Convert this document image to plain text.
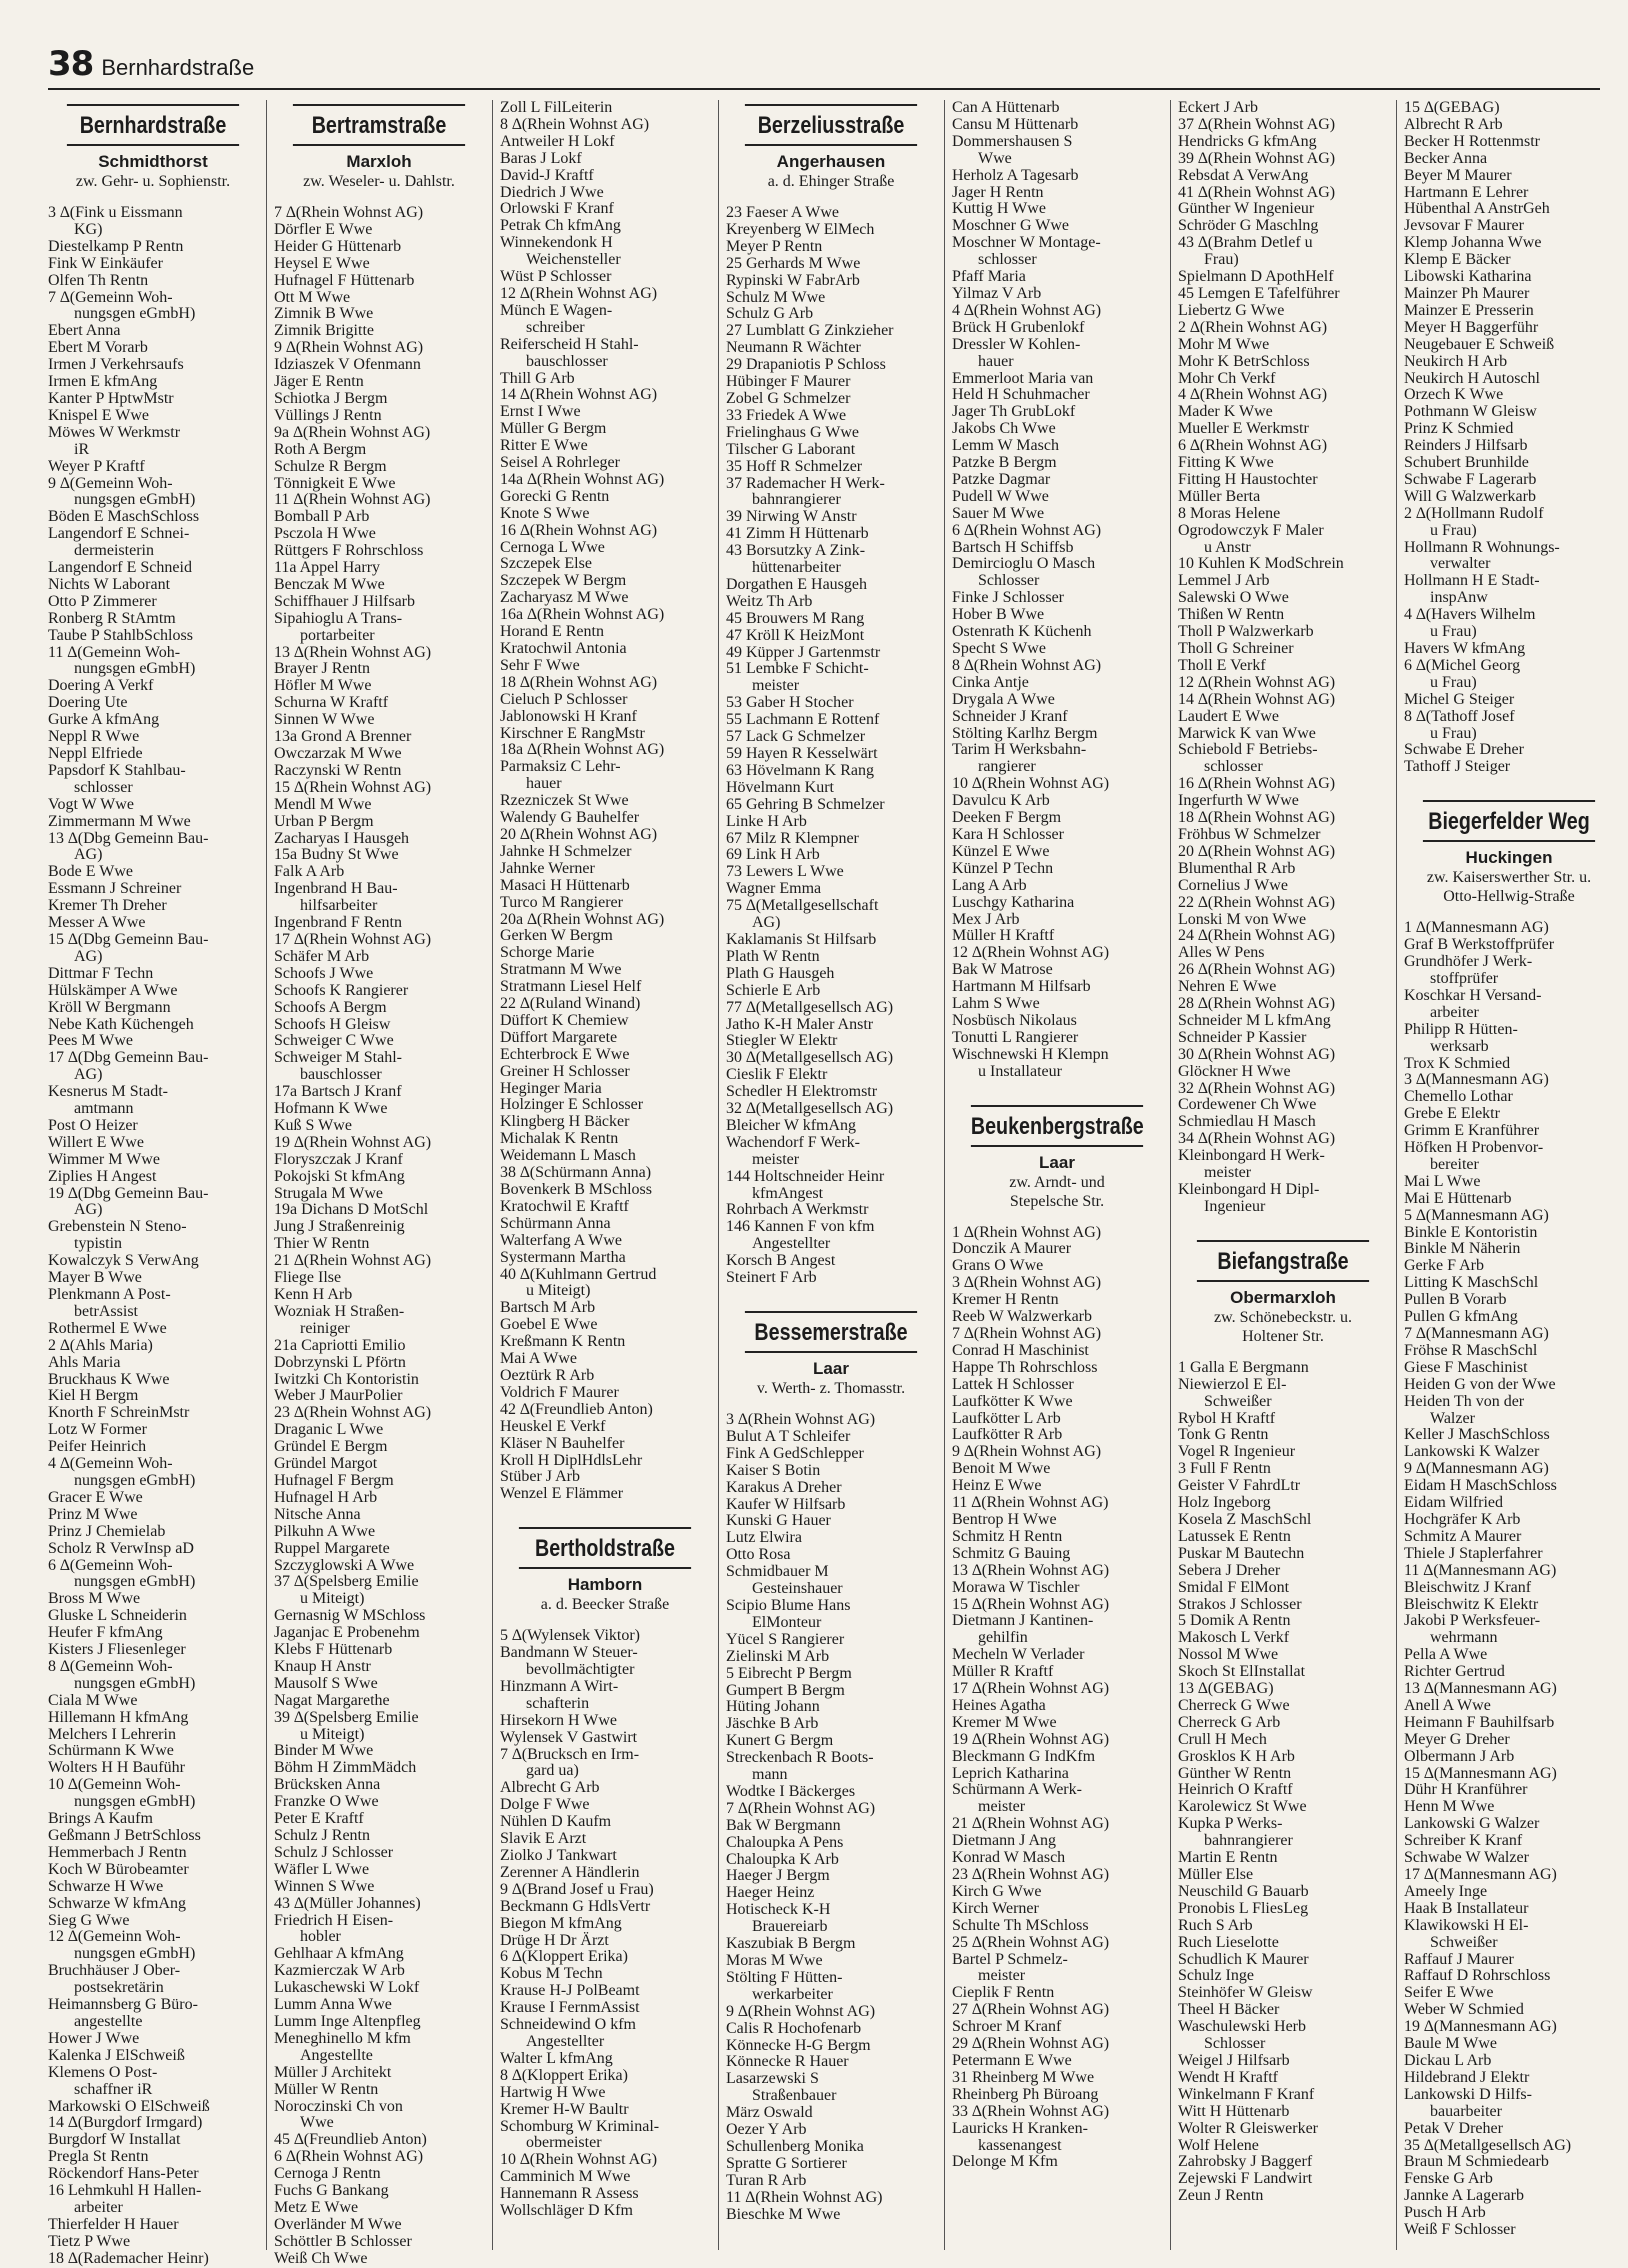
38 Bernhardstraße
Bernhardstraße
Schmidthorst
zw. Gehr- u. Sophienstr.
3 ∆(Fink u Eissmann
KG)
Diestelkamp P Rentn
Fink W Einkäufer
Olfen Th Rentn
7 ∆(Gemeinn Woh-
nungsgen eGmbH)
Ebert Anna
Ebert M Vorarb
Irmen J Verkehrsaufs
Irmen E kfmAng
Kanter P HptwMstr
Knispel E Wwe
Möwes W Werkmstr
iR
Weyer P Kraftf
9 ∆(Gemeinn Woh-
nungsgen eGmbH)
Böden E MaschSchloss
Langendorf E Schnei-
dermeisterin
Langendorf E Schneid
Nichts W Laborant
Otto P Zimmerer
Ronberg R StAmtm
Taube P StahlbSchloss
11 ∆(Gemeinn Woh-
nungsgen eGmbH)
Doering A Verkf
Doering Ute
Gurke A kfmAng
Neppl R Wwe
Neppl Elfriede
Papsdorf K Stahlbau-
schlosser
Vogt W Wwe
Zimmermann M Wwe
13 ∆(Dbg Gemeinn Bau-
AG)
Bode E Wwe
Essmann J Schreiner
Kremer Th Dreher
Messer A Wwe
15 ∆(Dbg Gemeinn Bau-
AG)
Dittmar F Techn
Hülskämper A Wwe
Kröll W Bergmann
Nebe Kath Küchengeh
Pees M Wwe
17 ∆(Dbg Gemeinn Bau-
AG)
Kesnerus M Stadt-
amtmann
Post O Heizer
Willert E Wwe
Wimmer M Wwe
Ziplies H Angest
19 ∆(Dbg Gemeinn Bau-
AG)
Grebenstein N Steno-
typistin
Kowalczyk S VerwAng
Mayer B Wwe
Plenkmann A Post-
betrAssist
Rothermel E Wwe
2 ∆(Ahls Maria)
Ahls Maria
Bruckhaus K Wwe
Kiel H Bergm
Knorth F SchreinMstr
Lotz W Former
Peifer Heinrich
4 ∆(Gemeinn Woh-
nungsgen eGmbH)
Gracer E Wwe
Prinz M Wwe
Prinz J Chemielab
Scholz R VerwInsp aD
6 ∆(Gemeinn Woh-
nungsgen eGmbH)
Bross M Wwe
Gluske L Schneiderin
Heufer F kfmAng
Kisters J Fliesenleger
8 ∆(Gemeinn Woh-
nungsgen eGmbH)
Ciala M Wwe
Hillemann H kfmAng
Melchers I Lehrerin
Schürmann K Wwe
Wolters H H Bauführ
10 ∆(Gemeinn Woh-
nungsgen eGmbH)
Brings A Kaufm
Geßmann J BetrSchloss
Hemmerbach J Rentn
Koch W Bürobeamter
Schwarze H Wwe
Schwarze W kfmAng
Sieg G Wwe
12 ∆(Gemeinn Woh-
nungsgen eGmbH)
Bruchhäuser J Ober-
postsekretärin
Heimannsberg G Büro-
angestellte
Hower J Wwe
Kalenka J ElSchweiß
Klemens O Post-
schaffner iR
Markowski O ElSchweiß
14 ∆(Burgdorf Irmgard)
Burgdorf W Installat
Pregla St Rentn
Röckendorf Hans-Peter
16 Lehmkuhl H Hallen-
arbeiter
Thierfelder H Hauer
Tietz P Wwe
18 ∆(Rademacher Heinr)
Bertramstraße
Marxloh
zw. Weseler- u. Dahlstr.
7 ∆(Rhein Wohnst AG)
Dörfler E Wwe
Heider G Hüttenarb
Heysel E Wwe
Hufnagel F Hüttenarb
Ott M Wwe
Zimnik B Wwe
Zimnik Brigitte
9 ∆(Rhein Wohnst AG)
Idziaszek V Ofenmann
Jäger E Rentn
Schiotka J Bergm
Vüllings J Rentn
9a ∆(Rhein Wohnst AG)
Roth A Bergm
Schulze R Bergm
Tönnigkeit E Wwe
11 ∆(Rhein Wohnst AG)
Bomball P Arb
Psczola H Wwe
Rüttgers F Rohrschloss
11a Appel Harry
Benczak M Wwe
Schiffhauer J Hilfsarb
Sipahioglu A Trans-
portarbeiter
13 ∆(Rhein Wohnst AG)
Brayer J Rentn
Höfler M Wwe
Schurna W Kraftf
Sinnen W Wwe
13a Grond A Brenner
Owczarzak M Wwe
Raczynski W Rentn
15 ∆(Rhein Wohnst AG)
Mendl M Wwe
Urban P Bergm
Zacharyas I Hausgeh
15a Budny St Wwe
Falk A Arb
Ingenbrand H Bau-
hilfsarbeiter
Ingenbrand F Rentn
17 ∆(Rhein Wohnst AG)
Schäfer M Arb
Schoofs J Wwe
Schoofs K Rangierer
Schoofs A Bergm
Schoofs H Gleisw
Schweiger C Wwe
Schweiger M Stahl-
bauschlosser
17a Bartsch J Kranf
Hofmann K Wwe
Kuß S Wwe
19 ∆(Rhein Wohnst AG)
Floryszczak J Kranf
Pokojski St kfmAng
Strugala M Wwe
19a Dichans D MotSchl
Jung J Straßenreinig
Thier W Rentn
21 ∆(Rhein Wohnst AG)
Fliege Ilse
Kenn H Arb
Wozniak H Straßen-
reiniger
21a Capriotti Emilio
Dobrzynski L Pförtn
Iwitzki Ch Kontoristin
Weber J MaurPolier
23 ∆(Rhein Wohnst AG)
Draganic L Wwe
Gründel E Bergm
Gründel Margot
Hufnagel F Bergm
Hufnagel H Arb
Nitsche Anna
Pilkuhn A Wwe
Ruppel Margarete
Szczyglowski A Wwe
37 ∆(Spelsberg Emilie
u Miteigt)
Gernasnig W MSchloss
Jaganjac E Probenehm
Klebs F Hüttenarb
Knaup H Anstr
Mausolf S Wwe
Nagat Margarethe
39 ∆(Spelsberg Emilie
u Miteigt)
Binder M Wwe
Böhm H ZimmMädch
Brücksken Anna
Franzke O Wwe
Peter E Kraftf
Schulz J Rentn
Schulz J Schlosser
Wäfler L Wwe
Winnen S Wwe
43 ∆(Müller Johannes)
Friedrich H Eisen-
hobler
Gehlhaar A kfmAng
Kazmierczak W Arb
Lukaschewski W Lokf
Lumm Anna Wwe
Lumm Inge Altenpfleg
Meneghinello M kfm
Angestellte
Müller J Architekt
Müller W Rentn
Noroczinski Ch von
Wwe
45 ∆(Freundlieb Anton)
6 ∆(Rhein Wohnst AG)
Cernoga J Rentn
Fuchs G Bankang
Metz E Wwe
Overländer M Wwe
Schöttler B Schlosser
Weiß Ch Wwe
Zoll L FilLeiterin
8 ∆(Rhein Wohnst AG)
Antweiler H Lokf
Baras J Lokf
David-J Kraftf
Diedrich J Wwe
Orlowski F Kranf
Petrak Ch kfmAng
Winnekendonk H
Weichensteller
Wüst P Schlosser
12 ∆(Rhein Wohnst AG)
Münch E Wagen-
schreiber
Reiferscheid H Stahl-
bauschlosser
Thill G Arb
14 ∆(Rhein Wohnst AG)
Ernst I Wwe
Müller G Bergm
Ritter E Wwe
Seisel A Rohrleger
14a ∆(Rhein Wohnst AG)
Gorecki G Rentn
Knote S Wwe
16 ∆(Rhein Wohnst AG)
Cernoga L Wwe
Szczepek Else
Szczepek W Bergm
Zacharyasz M Wwe
16a ∆(Rhein Wohnst AG)
Horand E Rentn
Kratochwil Antonia
Sehr F Wwe
18 ∆(Rhein Wohnst AG)
Cieluch P Schlosser
Jablonowski H Kranf
Kirschner E RangMstr
18a ∆(Rhein Wohnst AG)
Parmaksiz C Lehr-
hauer
Rzezniczek St Wwe
Walendy G Bauhelfer
20 ∆(Rhein Wohnst AG)
Jahnke H Schmelzer
Jahnke Werner
Masaci H Hüttenarb
Turco M Rangierer
20a ∆(Rhein Wohnst AG)
Gerken W Bergm
Schorge Marie
Stratmann M Wwe
Stratmann Liesel Helf
22 ∆(Ruland Winand)
Düffort K Chemiew
Düffort Margarete
Echterbrock E Wwe
Greiner H Schlosser
Heginger Maria
Holzinger E Schlosser
Klingberg H Bäcker
Michalak K Rentn
Weidemann L Masch
38 ∆(Schürmann Anna)
Bovenkerk B MSchloss
Kratochwil E Kraftf
Schürmann Anna
Walterfang A Wwe
Systermann Martha
40 ∆(Kuhlmann Gertrud
u Miteigt)
Bartsch M Arb
Goebel E Wwe
Kreßmann K Rentn
Mai A Wwe
Oeztürk R Arb
Voldrich F Maurer
42 ∆(Freundlieb Anton)
Heuskel E Verkf
Kläser N Bauhelfer
Kroll H DiplHdlsLehr
Stüber J Arb
Wenzel E Flämmer
Bertholdstraße
Hamborn
a. d. Beecker Straße
5 ∆(Wylensek Viktor)
Bandmann W Steuer-
bevollmächtigter
Hinzmann A Wirt-
schafterin
Hirsekorn H Wwe
Wylensek V Gastwirt
7 ∆(Brucksch en Irm-
gard ua)
Albrecht G Arb
Dolge F Wwe
Nühlen D Kaufm
Slavik E Arzt
Ziolko J Tankwart
Zerenner A Händlerin
9 ∆(Brand Josef u Frau)
Beckmann G HdlsVertr
Biegon M kfmAng
Drüge H Dr Ärzt
6 ∆(Kloppert Erika)
Kobus M Techn
Krause H-J PolBeamt
Krause I FernmAssist
Schneidewind O kfm
Angestellter
Walter L kfmAng
8 ∆(Kloppert Erika)
Hartwig H Wwe
Kremer H-W Baultr
Schomburg W Kriminal-
obermeister
10 ∆(Rhein Wohnst AG)
Camminich M Wwe
Hannemann R Assess
Wollschläger D Kfm
Berzeliusstraße
Angerhausen
a. d. Ehinger Straße
23 Faeser A Wwe
Kreyenberg W ElMech
Meyer P Rentn
25 Gerhards M Wwe
Rypinski W FabrArb
Schulz M Wwe
Schulz G Arb
27 Lumblatt G Zinkzieher
Neumann R Wächter
29 Drapaniotis P Schloss
Hübinger F Maurer
Zobel G Schmelzer
33 Friedek A Wwe
Frielinghaus G Wwe
Tilscher G Laborant
35 Hoff R Schmelzer
37 Rademacher H Werk-
bahnrangierer
39 Nirwing W Anstr
41 Zimm H Hüttenarb
43 Borsutzky A Zink-
hüttenarbeiter
Dorgathen E Hausgeh
Weitz Th Arb
45 Brouwers M Rang
47 Kröll K HeizMont
49 Küpper J Gartenmstr
51 Lembke F Schicht-
meister
53 Gaber H Stocher
55 Lachmann E Rottenf
57 Lack G Schmelzer
59 Hayen R Kesselwärt
63 Hövelmann K Rang
Hövelmann Kurt
65 Gehring B Schmelzer
Linke H Arb
67 Milz R Klempner
69 Link H Arb
73 Lewers L Wwe
Wagner Emma
75 ∆(Metallgesellschaft
AG)
Kaklamanis St Hilfsarb
Plath W Rentn
Plath G Hausgeh
Schierle E Arb
77 ∆(Metallgesellsch AG)
Jatho K-H Maler Anstr
Stiegler W Elektr
30 ∆(Metallgesellsch AG)
Cieslik F Elektr
Schedler H Elektromstr
32 ∆(Metallgesellsch AG)
Bleicher W kfmAng
Wachendorf F Werk-
meister
144 Holtschneider Heinr
kfmAngest
Rohrbach A Werkmstr
146 Kannen F von kfm
Angestellter
Korsch B Angest
Steinert F Arb
Bessemerstraße
Laar
v. Werth- z. Thomasstr.
3 ∆(Rhein Wohnst AG)
Bulut A T Schleifer
Fink A GedSchlepper
Kaiser S Botin
Karakus A Dreher
Kaufer W Hilfsarb
Kunski G Hauer
Lutz Elwira
Otto Rosa
Schmidbauer M
Gesteinshauer
Scipio Blume Hans
ElMonteur
Yücel S Rangierer
Zielinski M Arb
5 Eibrecht P Bergm
Gumpert B Bergm
Hüting Johann
Jäschke B Arb
Kunert G Bergm
Streckenbach R Boots-
mann
Wodtke I Bäckerges
7 ∆(Rhein Wohnst AG)
Bak W Bergmann
Chaloupka A Pens
Chaloupka K Arb
Haeger J Bergm
Haeger Heinz
Hotischeck K-H
Brauereiarb
Kaszubiak B Bergm
Moras M Wwe
Stölting F Hütten-
werkarbeiter
9 ∆(Rhein Wohnst AG)
Calis R Hochofenarb
Könnecke H-G Bergm
Könnecke R Hauer
Lasarzewski S
Straßenbauer
März Oswald
Oezer Y Arb
Schullenberg Monika
Spratte G Sortierer
Turan R Arb
11 ∆(Rhein Wohnst AG)
Bieschke M Wwe
Can A Hüttenarb
Cansu M Hüttenarb
Dommershausen S
Wwe
Herholz A Tagesarb
Jager H Rentn
Kuttig H Wwe
Moschner G Wwe
Moschner W Montage-
schlosser
Pfaff Maria
Yilmaz V Arb
4 ∆(Rhein Wohnst AG)
Brück H Grubenlokf
Dressler W Kohlen-
hauer
Emmerloot Maria van
Held H Schuhmacher
Jager Th GrubLokf
Jakobs Ch Wwe
Lemm W Masch
Patzke B Bergm
Patzke Dagmar
Pudell W Wwe
Sauer M Wwe
6 ∆(Rhein Wohnst AG)
Bartsch H Schiffsb
Demircioglu O Masch
Schlosser
Finke J Schlosser
Hober B Wwe
Ostenrath K Küchenh
Specht S Wwe
8 ∆(Rhein Wohnst AG)
Cinka Antje
Drygala A Wwe
Schneider J Kranf
Stölting Karlhz Bergm
Tarim H Werksbahn-
rangierer
10 ∆(Rhein Wohnst AG)
Davulcu K Arb
Deeken F Bergm
Kara H Schlosser
Künzel E Wwe
Künzel P Techn
Lang A Arb
Luschgy Katharina
Mex J Arb
Müller H Kraftf
12 ∆(Rhein Wohnst AG)
Bak W Matrose
Hartmann M Hilfsarb
Lahm S Wwe
Nosbüsch Nikolaus
Tonutti L Rangierer
Wischnewski H Klempn
u Installateur
Beukenbergstraße
Laar
zw. Arndt- und
Stepelsche Str.
1 ∆(Rhein Wohnst AG)
Donczik A Maurer
Grans O Wwe
3 ∆(Rhein Wohnst AG)
Kremer H Rentn
Reeb W Walzwerkarb
7 ∆(Rhein Wohnst AG)
Conrad H Maschinist
Happe Th Rohrschloss
Lattek H Schlosser
Laufkötter K Wwe
Laufkötter L Arb
Laufkötter R Arb
9 ∆(Rhein Wohnst AG)
Benoit M Wwe
Heinz E Wwe
11 ∆(Rhein Wohnst AG)
Bentrop H Wwe
Schmitz H Rentn
Schmitz G Bauing
13 ∆(Rhein Wohnst AG)
Morawa W Tischler
15 ∆(Rhein Wohnst AG)
Dietmann J Kantinen-
gehilfin
Mecheln W Verlader
Müller R Kraftf
17 ∆(Rhein Wohnst AG)
Heines Agatha
Kremer M Wwe
19 ∆(Rhein Wohnst AG)
Bleckmann G IndKfm
Leprich Katharina
Schürmann A Werk-
meister
21 ∆(Rhein Wohnst AG)
Dietmann J Ang
Konrad W Masch
23 ∆(Rhein Wohnst AG)
Kirch G Wwe
Kirch Werner
Schulte Th MSchloss
25 ∆(Rhein Wohnst AG)
Bartel P Schmelz-
meister
Cieplik F Rentn
27 ∆(Rhein Wohnst AG)
Schroer M Kranf
29 ∆(Rhein Wohnst AG)
Petermann E Wwe
31 Rheinberg M Wwe
Rheinberg Ph Büroang
33 ∆(Rhein Wohnst AG)
Lauricks H Kranken-
kassenangest
Delonge M Kfm
Eckert J Arb
37 ∆(Rhein Wohnst AG)
Hendricks G kfmAng
39 ∆(Rhein Wohnst AG)
Rebsdat A VerwAng
41 ∆(Rhein Wohnst AG)
Günther W Ingenieur
Schröder G Maschlng
43 ∆(Brahm Detlef u
Frau)
Spielmann D ApothHelf
45 Lemgen E Tafelführer
Liebertz G Wwe
2 ∆(Rhein Wohnst AG)
Mohr M Wwe
Mohr K BetrSchloss
Mohr Ch Verkf
4 ∆(Rhein Wohnst AG)
Mader K Wwe
Mueller E Werkmstr
6 ∆(Rhein Wohnst AG)
Fitting K Wwe
Fitting H Haustochter
Müller Berta
8 Moras Helene
Ogrodowczyk F Maler
u Anstr
10 Kuhlen K ModSchrein
Lemmel J Arb
Salewski O Wwe
Thißen W Rentn
Tholl P Walzwerkarb
Tholl G Schreiner
Tholl E Verkf
12 ∆(Rhein Wohnst AG)
14 ∆(Rhein Wohnst AG)
Laudert E Wwe
Marwick K van Wwe
Schiebold F Betriebs-
schlosser
16 ∆(Rhein Wohnst AG)
Ingerfurth W Wwe
18 ∆(Rhein Wohnst AG)
Fröhbus W Schmelzer
20 ∆(Rhein Wohnst AG)
Blumenthal R Arb
Cornelius J Wwe
22 ∆(Rhein Wohnst AG)
Lonski M von Wwe
24 ∆(Rhein Wohnst AG)
Alles W Pens
26 ∆(Rhein Wohnst AG)
Nehren E Wwe
28 ∆(Rhein Wohnst AG)
Schneider M L kfmAng
Schneider P Kassier
30 ∆(Rhein Wohnst AG)
Glöckner H Wwe
32 ∆(Rhein Wohnst AG)
Cordewener Ch Wwe
Schmiedlau H Masch
34 ∆(Rhein Wohnst AG)
Kleinbongard H Werk-
meister
Kleinbongard H Dipl-
Ingenieur
Biefangstraße
Obermarxloh
zw. Schönebeckstr. u.
Holtener Str.
1 Galla E Bergmann
Niewierzol E El-
Schweißer
Rybol H Kraftf
Tonk G Rentn
Vogel R Ingenieur
3 Full F Rentn
Geister V FahrdLtr
Holz Ingeborg
Kosela Z MaschSchl
Latussek E Rentn
Puskar M Bautechn
Sebera J Dreher
Smidal F ElMont
Strakos J Schlosser
5 Domik A Rentn
Makosch L Verkf
Nossol M Wwe
Skoch St ElInstallat
13 ∆(GEBAG)
Cherreck G Wwe
Cherreck G Arb
Crull H Mech
Grosklos K H Arb
Günther W Rentn
Heinrich O Kraftf
Karolewicz St Wwe
Kupka P Werks-
bahnrangierer
Martin E Rentn
Müller Else
Neuschild G Bauarb
Pronobis L FliesLeg
Ruch S Arb
Ruch Lieselotte
Schudlich K Maurer
Schulz Inge
Steinhöfer W Gleisw
Theel H Bäcker
Waschulewski Herb
Schlosser
Weigel J Hilfsarb
Wendt H Kraftf
Winkelmann F Kranf
Witt H Hüttenarb
Wolter R Gleiswerker
Wolf Helene
Zahrobsky J Baggerf
Zejewski F Landwirt
Zeun J Rentn
15 ∆(GEBAG)
Albrecht R Arb
Becker H Rottenmstr
Becker Anna
Beyer M Maurer
Hartmann E Lehrer
Hübenthal A AnstrGeh
Jevsovar F Maurer
Klemp Johanna Wwe
Klemp E Bäcker
Libowski Katharina
Mainzer Ph Maurer
Mainzer E Presserin
Meyer H Baggerführ
Neugebauer E Schweiß
Neukirch H Arb
Neukirch H Autoschl
Orzech K Wwe
Pothmann W Gleisw
Prinz K Schmied
Reinders J Hilfsarb
Schubert Brunhilde
Schwabe F Lagerarb
Will G Walzwerkarb
2 ∆(Hollmann Rudolf
u Frau)
Hollmann R Wohnungs-
verwalter
Hollmann H E Stadt-
inspAnw
4 ∆(Havers Wilhelm
u Frau)
Havers W kfmAng
6 ∆(Michel Georg
u Frau)
Michel G Steiger
8 ∆(Tathoff Josef
u Frau)
Schwabe E Dreher
Tathoff J Steiger
Biegerfelder Weg
Huckingen
zw. Kaiserswerther Str. u.
Otto-Hellwig-Straße
1 ∆(Mannesmann AG)
Graf B Werkstoffprüfer
Grundhöfer J Werk-
stoffprüfer
Koschkar H Versand-
arbeiter
Philipp R Hütten-
werksarb
Trox K Schmied
3 ∆(Mannesmann AG)
Chemello Lothar
Grebe E Elektr
Grimm E Kranführer
Höfken H Probenvor-
bereiter
Mai L Wwe
Mai E Hüttenarb
5 ∆(Mannesmann AG)
Binkle E Kontoristin
Binkle M Näherin
Gerke F Arb
Litting K MaschSchl
Pullen B Vorarb
Pullen G kfmAng
7 ∆(Mannesmann AG)
Fröhse R MaschSchl
Giese F Maschinist
Heiden G von der Wwe
Heiden Th von der
Walzer
Keller J MaschSchloss
Lankowski K Walzer
9 ∆(Mannesmann AG)
Eidam H MaschSchloss
Eidam Wilfried
Hochgräfer K Arb
Schmitz A Maurer
Thiele J Staplerfahrer
11 ∆(Mannesmann AG)
Bleischwitz J Kranf
Bleischwitz K Elektr
Jakobi P Werksfeuer-
wehrmann
Pella A Wwe
Richter Gertrud
13 ∆(Mannesmann AG)
Anell A Wwe
Heimann F Bauhilfsarb
Meyer G Dreher
Olbermann J Arb
15 ∆(Mannesmann AG)
Dühr H Kranführer
Henn M Wwe
Lankowski G Walzer
Schreiber K Kranf
Schwabe W Walzer
17 ∆(Mannesmann AG)
Ameely Inge
Haak B Installateur
Klawikowski H El-
Schweißer
Raffauf J Maurer
Raffauf D Rohrschloss
Seifer E Wwe
Weber W Schmied
19 ∆(Mannesmann AG)
Baule M Wwe
Dickau L Arb
Hildebrand J Elektr
Lankowski D Hilfs-
bauarbeiter
Petak V Dreher
35 ∆(Metallgesellsch AG)
Braun M Schmiedearb
Fenske G Arb
Jannke A Lagerarb
Pusch H Arb
Weiß F Schlosser
